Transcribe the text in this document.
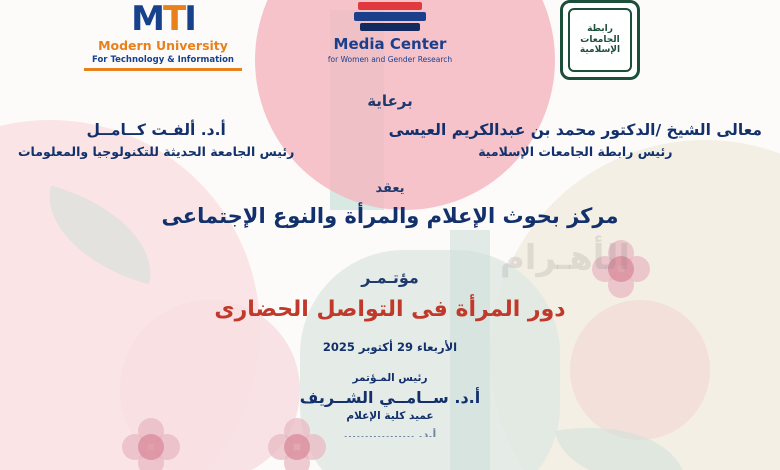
الأهـرام
MTI
Modern University
For Technology & Information
Media Center
for Women and Gender Research
رابطة الجامعات الإسلامية
برعاية
معالى الشيخ /الدكتور محمد بن عبدالكريم العيسى
رئيس رابطة الجامعات الإسلامية
أ.د. ألفـت كــامــل
رئيس الجامعة الحديثة للتكنولوجيا والمعلومات
يعقد
مركز بحوث الإعلام والمرأة والنوع الإجتماعى
مؤتـمـر
دور المرأة فى التواصل الحضارى
الأربعاء 29 أكتوبر 2025
رئيس المـؤتمر
أ.د. ســامــي الشــريف
عميد كلية الإعلام
أ.د. .................
